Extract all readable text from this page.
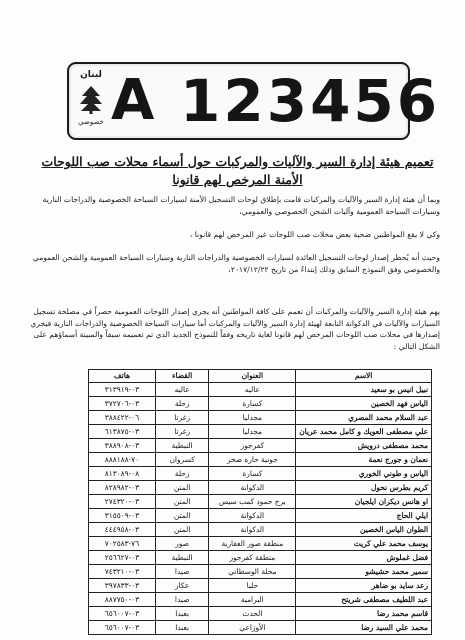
لبنان
خصوصي A 123456
تعميم هيئة إدارة السير والآليات والمركبات حول أسماء محلات صب اللوحات الأمنة المرخص لهم قانونا
وبما أن هيئة إدارة السير والآليات والمركبات قامت بإطلاق لوحات التسجيل الأمنة لسيارات السياحة الخصوصية والدراجات النارية وسيارات السياحة العمومية وآليات الشحن الخصوصي والعمومي،
وكي لا يقع المواطنين ضحية بعض محلات صب اللوحات غير المرخص لهم قانونا ،
وحيث أنه يُحظر إصدار لوحات التسجيل العائدة لسيارات الخصوصية والدراجات النارية وسيارات السياحة العمومية والشحن العمومي والخصوصي وفق النموذج السابق وذلك إبتداءً من تاريخ ٢٠١٧/١٢/٢٢،
يهم هيئة إدارة السير والآليات والمركبات أن تعمم على كافة المواطنين أنه يجري إصدار اللوحات العمومية حصراً في مصلحة تسجيل السيارات والآليات في الدكوانة التابعة لهيئة إدارة السير والآليات والمركبات أما سيارات السياحة الخصوصية والدراجات النارية فيجري إصدارها في محلات صب اللوحات المرخص لهم قانونا لغاية تاريخه وفقاً للنموذج الجديد الذي تم تعميمه سبقاً والمبينة أسماؤهم على الشكل التالي :
الاسم	العنوان	القضاء	هاتف
نبيل انيس بو سعيد	عاليه	عاليه	٠٣-٣١٣٩١٩
الياس فهد الخصين	كسارة	زحلة	٠٣-٣٧٢٧٠٦
عبد السلام محمد المصري	مجدليا	زغرتا	٠٦-٣٨٨٤٢٢
علي مصطفى العويك و كامل محمد عريان	مجدليا	زغرتا	٠٣-٦١٣٨٧٥
محمد مصطفى درويش	كفرجوز	النبطية	٠٣-٣٨٨٩٠٨
نعمان و جورج نعمة	جونية حارة صخر	كسروان	٧٠-٨٨٨١٨٨
الياس و طوني الخوري	كسارة	زحلة	٠٨-٨١٣٠٨٩
كريم بطرس نحول	الدكوانة	المتن	٠٣-٨٢٨٩٨٢
او هانس ديكران ايلجيان	برج حمود كمب سيس	المتن	٠٣-٢٧٤٣٢٠
ايلي الحاج	الدكوانة	المتن	٠٣-٣١٥٥٠٩
الطوان الياس الخصين	الدكوانة	المتن	٠٣-٤٤٤٩٥٨
يوسف محمد علي كريت	منطقة صور العقارية	صور	٧٦-٧٠٢٥٨٣
فضل غملوش	منطقة كفرجوز	النبطية	٠٣-٢٥٦٦٢٧
سمير محمد حشيشو	محلة الوسطاني	صيدا	٠٣-٧٤٣٢١٠
رعد سايد بو ضاهر	حلبا	عكار	٠٣-٣٩٧٨٣٣
عبد اللطيف مصطفى شريتح	البرامية	صيدا	٠٣-٨٨٧٧٥٠
قاسم محمد رضا	الحدث	بعبدا	٠٣-٦٥٦٠٠٧
محمد علي السيد رضا	الأوزاعي	بعبدا	٠٣-٦٥٦٠٠٧
